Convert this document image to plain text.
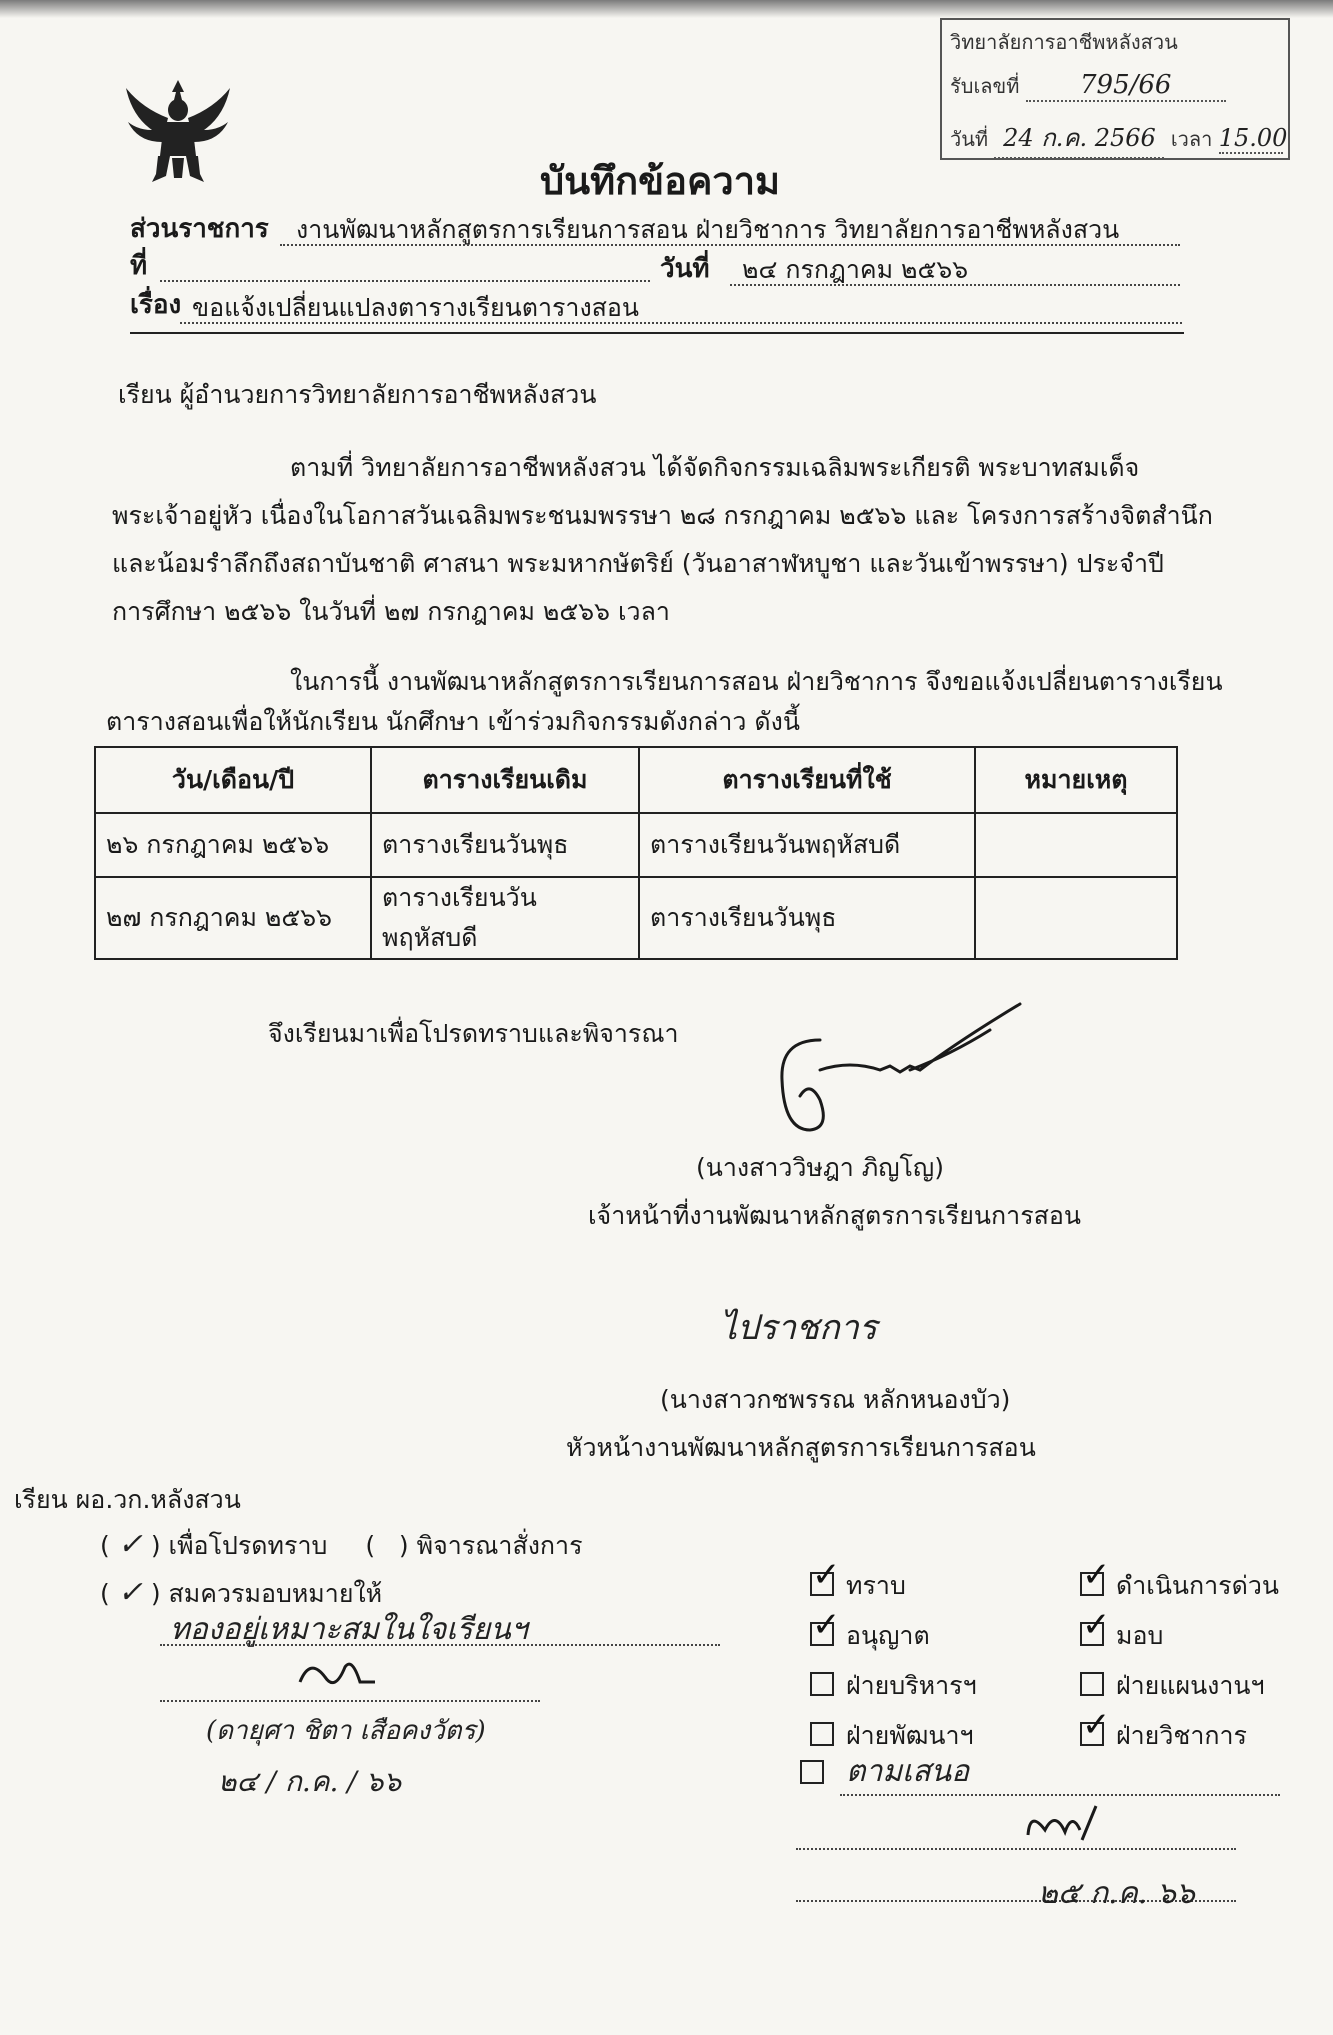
วิทยาลัยการอาชีพหลังสวน
รับเลขที่ 795/66
วันที่ 24 ก.ค. 2566 เวลา 15.00
บันทึกข้อความ
ส่วนราชการ งานพัฒนาหลักสูตรการเรียนการสอน ฝ่ายวิชาการ วิทยาลัยการอาชีพหลังสวน
ที่	วันที่ ๒๔ กรกฎาคม ๒๕๖๖
เรื่อง ขอแจ้งเปลี่ยนแปลงตารางเรียนตารางสอน
เรียน ผู้อำนวยการวิทยาลัยการอาชีพหลังสวน
ตามที่ วิทยาลัยการอาชีพหลังสวน ได้จัดกิจกรรมเฉลิมพระเกียรติ พระบาทสมเด็จ
พระเจ้าอยู่หัว เนื่องในโอกาสวันเฉลิมพระชนมพรรษา ๒๘ กรกฎาคม ๒๕๖๖ และ โครงการสร้างจิตสำนึก
และน้อมรำลึกถึงสถาบันชาติ ศาสนา พระมหากษัตริย์ (วันอาสาฬหบูชา และวันเข้าพรรษา) ประจำปี
การศึกษา ๒๕๖๖ ในวันที่ ๒๗ กรกฎาคม ๒๕๖๖ เวลา
ในการนี้ งานพัฒนาหลักสูตรการเรียนการสอน ฝ่ายวิชาการ จึงขอแจ้งเปลี่ยนตารางเรียน
ตารางสอนเพื่อให้นักเรียน นักศึกษา เข้าร่วมกิจกรรมดังกล่าว ดังนี้
วัน/เดือน/ปี	ตารางเรียนเดิม	ตารางเรียนที่ใช้	หมายเหตุ
๒๖ กรกฎาคม ๒๕๖๖	ตารางเรียนวันพุธ	ตารางเรียนวันพฤหัสบดี	
๒๗ กรกฎาคม ๒๕๖๖	ตารางเรียนวันพฤหัสบดี	ตารางเรียนวันพุธ	
จึงเรียนมาเพื่อโปรดทราบและพิจารณา
(นางสาววิษฎา ภิญโญ)
เจ้าหน้าที่งานพัฒนาหลักสูตรการเรียนการสอน
ไปราชการ
(นางสาวกชพรรณ หลักหนองบัว)
หัวหน้างานพัฒนาหลักสูตรการเรียนการสอน
เรียน ผอ.วก.หลังสวน
( ✓ ) เพื่อโปรดทราบ (   ) พิจารณาสั่งการ
( ✓ ) สมควรมอบหมายให้
ทองอยู่เหมาะสมในใจเรียนฯ
(ดายุศา ชิตา เสือคงวัตร)
๒๔ / ก.ค. / ๖๖
✓ ทราบ	✓ ดำเนินการด่วน
✓ อนุญาต	✓ มอบ
ฝ่ายบริหารฯ	ฝ่ายแผนงานฯ
ฝ่ายพัฒนาฯ	✓ ฝ่ายวิชาการ
ตามเสนอ
๒๕ ก.ค. ๖๖
